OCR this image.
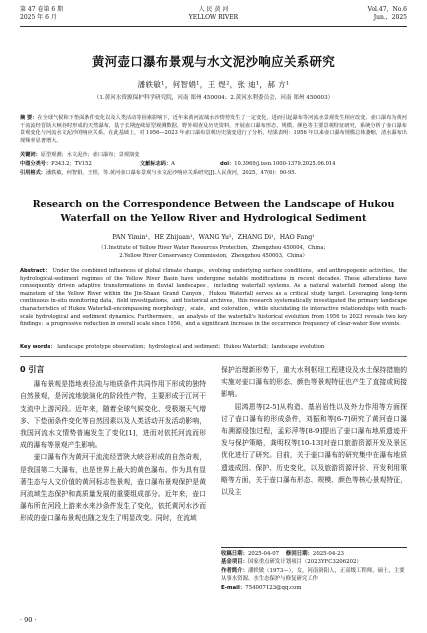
第 47 卷第 6 期
2025 年 6 月
人 民 黄 河
YELLOW RIVER
Vol.47，No.6
Jun.，2025
黄河壶口瀑布景观与水文泥沙响应关系研究
潘轶敏¹，何智娟¹，王 煜²，张 迪¹，郝 方¹
（1.黄河水资源保护科学研究院，河南 郑州 450004；2.黄河水利委员会，河南 郑州 450003）
摘 要：在全球气候和下垫面条件变化以及人类活动等因素影响下，近年来黄河流域水沙情势发生了一定变化，进而引起瀑布等河流水景观发生相应改变。壶口瀑布为黄河干流流经晋陕大峡谷时形成的天然瀑布，基于长期连续原型观测数据、野外调查及历史资料，开展壶口瀑布形态、规模、颜色等主要景观特征研究，系统分析了壶口瀑布景观变化与河流水文泥沙的响应关系。在此基础上，对 1956—2023 年壶口瀑布景观历史演变进行了分析，结果表明：1956 年以来壶口瀑布规模总体萎缩，清水瀑布出现频率显著增大。
关键词：原型观测；水文泥沙；壶口瀑布；景观演变
中图分类号：P343.2；TV152	文献标志码：A	doi：10.3969/j.issn.1000-1379.2025.06.014
引用格式：潘轶敏，何智娟，王煜，等.黄河壶口瀑布景观与水文泥沙响应关系研究[J].人民黄河，2025，47(6)：90-95.
Research on the Correspondence Between the Landscape of Hukou
Waterfall on the Yellow River and Hydrological Sediment
PAN Yimin¹，HE Zhijuan¹，WANG Yu²，ZHANG Di¹，HAO Fang¹
（1.Institute of Yellow River Water Resources Protection，Zhengzhou 450004，China；
2.Yellow River Conservancy Commission，Zhengzhou 450003，China）
Abstract： Under the combined influences of global climate change，evolving underlying surface conditions，and anthropogenic activities，the hydrological-sediment regimes of the Yellow River Basin have undergone notable modifications in recent decades. These alterations have consequently driven adaptive transformations in fluvial landscapes，including waterfall systems. As a natural waterfall formed along the mainstem of the Yellow River within the Jin-Shaan Grand Canyon，Hukou Waterfall serves as a critical study target. Leveraging long-term continuous in-situ monitoring data，field investigations，and historical archives，this research systematically investigated the primary landscape characteristics of Hukou Waterfall-encompassing morphology，scale，and coloration，while elucidating its interactive relationships with reach-scale hydrological and sediment dynamics. Furthermore，an analysis of the waterfall's historical evolution from 1956 to 2023 reveals two key findings：a progressive reduction in overall scale since 1956，and a significant increase in the occurrence frequency of clear-water flow events.
Key words： landscape prototype observation；hydrological and sediment；Hukou Waterfall；landscape evolution
0 引言

瀑布景观是指地表径流与地质条件共同作用下形成的独特自然景观，是河流地貌演化的阶段性产物，主要形成于江河干支流中上游河段。近年来，随着全球气候变化、受极端天气增多、下垫面条件变化等自然因素以及人类活动开发活动影响，我国河流水文情势普遍发生了变化[1]，进而对依托河流而形成的瀑布等景观产生影响。

壶口瀑布作为黄河干流流经晋陕大峡谷形成的自然奇观，是我国第二大瀑布，也是世界上最大的黄色瀑布。作为具有显著生态与人文价值的黄河标志性景观，壶口瀑布景观保护是黄河流域生态保护和高质量发展的重要组成部分。近年来，壶口瀑布所在河段上游来水来沙条件发生了变化，依托黄河水沙而形成的壶口瀑布景观也随之发生了明显改变。同时，在流域

保护治理新形势下，重大水利枢纽工程建设及水土保持措施的实施对壶口瀑布的形态、颜色等景观特征也产生了直接或间接影响。

屈鸿恩等[2-5]从构造、基岩岩性以及外力作用等方面探讨了壶口瀑布的形成条件，刘振和等[6-7]研究了黄河壶口瀑布溯源侵蚀过程，孟彩萍等[8-9]提出了壶口瀑布地质遗迹开发与保护策略，龚明权等[10-13]对壶口旅游资源开发及景区优化进行了研究。目前，关于壶口瀑布的研究集中在瀑布地质遗迹成因、保护、历史变化，以及旅游资源评价、开发利用策略等方面，关于壶口瀑布形态、规模、颜色等核心景观特征，以及主

收稿日期：2025-04-07 修回日期：2025-04-23
基金项目：国家重点研发计划项目（2023YFC3206202）
作者简介：潘轶敏（1973—），女，河南洛阳人，正高级工程师，硕士，主要从事水资源、水生态保护与修复研究工作
E-mail：754007123@qq.com
· 90 ·
